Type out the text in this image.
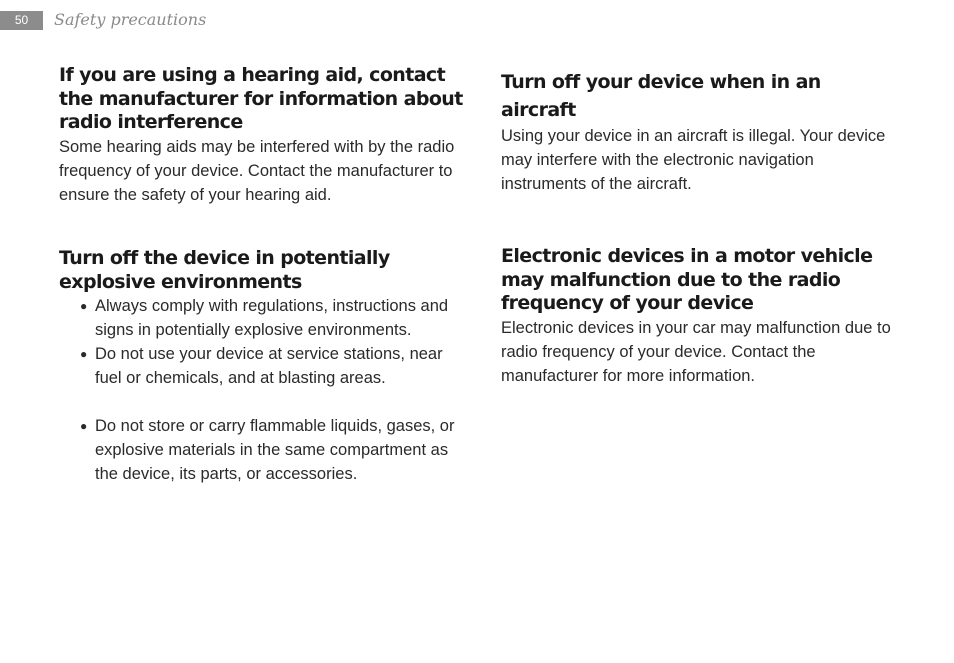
50	Safety precautions
If you are using a hearing aid, contact the manufacturer for information about radio interference

Some hearing aids may be interfered with by the radio frequency of your device. Contact the manufacturer to ensure the safety of your hearing aid.

Turn off the device in potentially explosive environments
● Always comply with regulations, instructions and signs in potentially explosive environments.
● Do not use your device at service stations, near fuel or chemicals, and at blasting areas.
● Do not store or carry flammable liquids, gases, or explosive materials in the same compartment as the device, its parts, or accessories.
Turn off your device when in an aircraft

Using your device in an aircraft is illegal. Your device may interfere with the electronic navigation instruments of the aircraft.

Electronic devices in a motor vehicle may malfunction due to the radio frequency of your device

Electronic devices in your car may malfunction due to radio frequency of your device. Contact the manufacturer for more information.
